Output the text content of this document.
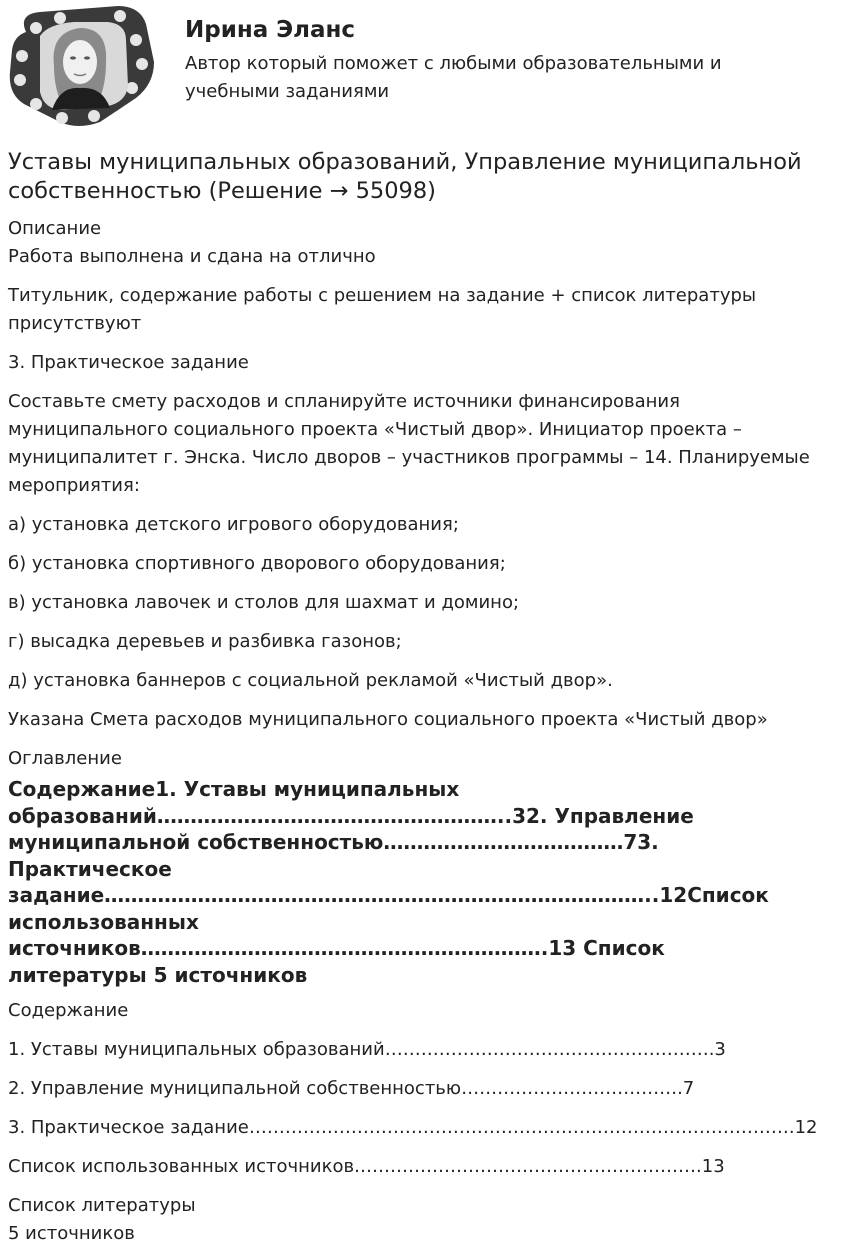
Ирина Эланс

Автор который поможет с любыми образовательными и учебными заданиями

Уставы муниципальных образований, Управление муниципальной собственностью (Решение → 55098)

Описание

Работа выполнена и сдана на отлично

Титульник, содержание работы с решением на задание + список литературы присутствуют

3. Практическое задание

Составьте смету расходов и спланируйте источники финансирования муниципального социального проекта «Чистый двор». Инициатор проекта – муниципалитет г. Энска. Число дворов – участников программы – 14. Планируемые мероприятия:

а) установка детского игрового оборудования;

б) установка спортивного дворового оборудования;

в) установка лавочек и столов для шахмат и домино;

г) высадка деревьев и разбивка газонов;

д) установка баннеров с социальной рекламой «Чистый двор».

Указана Смета расходов муниципального социального проекта «Чистый двор»

Оглавление

Содержание1. Уставы муниципальных
образований……………………………………………..32. Управление
муниципальной собственностью………………………………73.
Практическое
задание………………………………………………………………………..12Список
использованных
источников…………………………………………………….13 Список
литературы 5 источников

Содержание

1. Уставы муниципальных образований……………………………………………….3
2. Управление муниципальной собственностью……………………………….7
3. Практическое задание……………………………………………………………………………….12
Список использованных источников………………………………………………….13

Список литературы

5 источников
